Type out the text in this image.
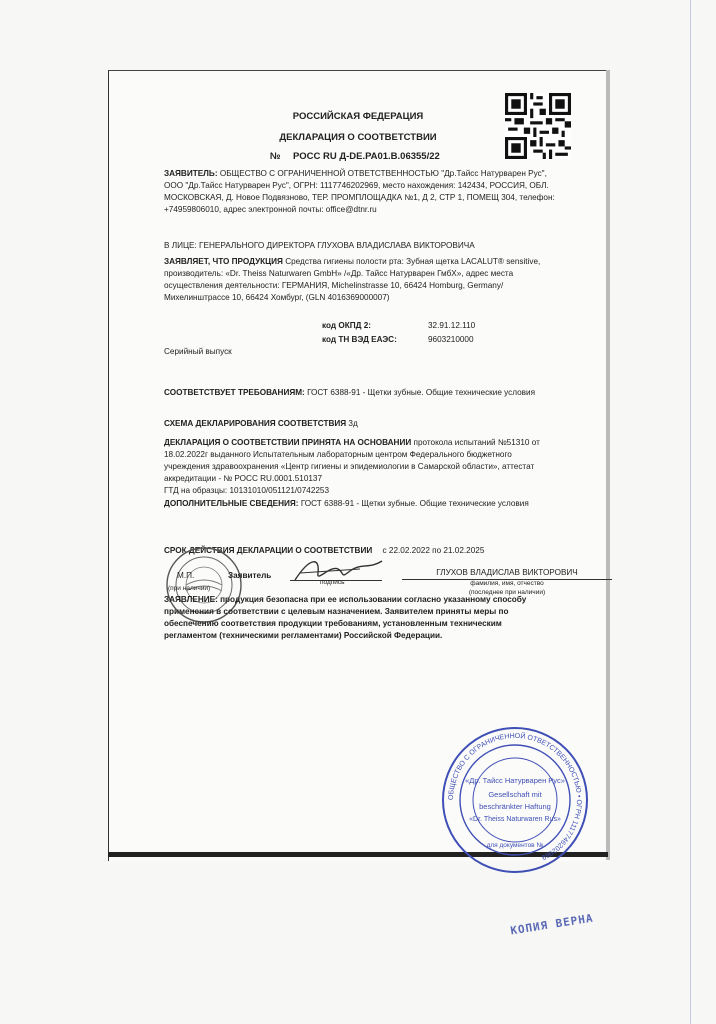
РОССИЙСКАЯ ФЕДЕРАЦИЯ
ДЕКЛАРАЦИЯ О СООТВЕТСТВИИ
№ РОСС RU Д-DE.РА01.В.06355/22
ЗАЯВИТЕЛЬ: ОБЩЕСТВО С ОГРАНИЧЕННОЙ ОТВЕТСТВЕННОСТЬЮ "Др.Тайсс Натурварен Рус",
ООО "Др.Тайсс Натурварен Рус", ОГРН: 1117746202969, место нахождения: 142434, РОССИЯ, ОБЛ.
МОСКОВСКАЯ, Д. Новое Подвязново, ТЕР. ПРОМПЛОЩАДКА №1, Д 2, СТР 1, ПОМЕЩ 304, телефон:
+74959806010, адрес электронной почты: office@dtnr.ru
В ЛИЦЕ: ГЕНЕРАЛЬНОГО ДИРЕКТОРА ГЛУХОВА ВЛАДИСЛАВА ВИКТОРОВИЧА
ЗАЯВЛЯЕТ, ЧТО ПРОДУКЦИЯ Средства гигиены полости рта: Зубная щетка LACALUT® sensitive,
производитель: «Dr. Theiss Naturwaren GmbH» /«Др. Тайсс Натурварен ГмбХ», адрес места
осуществления деятельности: ГЕРМАНИЯ, Michelinstrasse 10, 66424 Homburg, Germany/
Михелинштрассе 10, 66424 Хомбург, (GLN 4016369000007)
код ОКПД 2:	32.91.12.110
код ТН ВЭД ЕАЭС:	9603210000
Серийный выпуск
СООТВЕТСТВУЕТ ТРЕБОВАНИЯМ: ГОСТ 6388-91 - Щетки зубные. Общие технические условия
СХЕМА ДЕКЛАРИРОВАНИЯ СООТВЕТСТВИЯ 3д
ДЕКЛАРАЦИЯ О СООТВЕТСТВИИ ПРИНЯТА НА ОСНОВАНИИ протокола испытаний №51310 от
18.02.2022г выданного Испытательным лабораторным центром Федерального бюджетного
учреждения здравоохранения «Центр гигиены и эпидемиологии в Самарской области», аттестат
аккредитации - № РОСС RU.0001.510137
ГТД на образцы: 10131010/051121/0742253
ДОПОЛНИТЕЛЬНЫЕ СВЕДЕНИЯ: ГОСТ 6388-91 - Щетки зубные. Общие технические условия
СРОК ДЕЙСТВИЯ ДЕКЛАРАЦИИ О СООТВЕТСТВИИ с 22.02.2022 по 21.02.2025
М.П.	Заявитель
подпись
ГЛУХОВ ВЛАДИСЛАВ ВИКТОРОВИЧ
фамилия, имя, отчество
(последнее при наличии)
(при наличии)
ЗАЯВЛЕНИЕ: продукция безопасна при ее использовании согласно указанному способу
применения в соответствии с целевым назначением. Заявителем приняты меры по
обеспечению соответствия продукции требованиям, установленным техническим
регламентом (техническими регламентами) Российской Федерации.
ОБЩЕСТВО С ОГРАНИЧЕННОЙ ОТВЕТСТВЕННОСТЬЮ • ОГРН 1117746202969
«Др. Тайсс Натурварен Рус»
Gesellschaft mit
beschränkter Haftung
«Dr. Theiss Naturwaren Rus»
для документов №
КОПИЯ ВЕРНА
